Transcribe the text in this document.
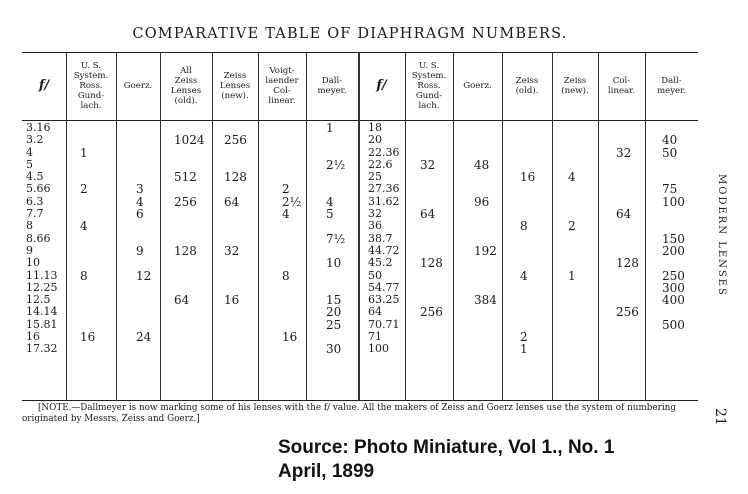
COMPARATIVE TABLE OF DIAPHRAGM NUMBERS.
f/
U. S.
System.
Ross.
Gund-
lach.
Goerz.
All
Zeiss
Lenses
(old).
Zeiss
Lenses
(new).
Voigt-
laender
Col-
linear.
Dall-
meyer.	f/
U. S.
System.
Ross.
Gund-
lach.
Goerz.	Zeiss
(old).
Zeiss
(new).
Col-
linear.
Dall-
meyer.
3.16
3.2
4
5
4.5
5.66
6.3
7.7
8
8.66
9
10
11.13
12.25
12.5
14.14
15.81
16
17.32
1
2
4
8
16
3
4
6
9
12
24
1024
512
256
128
64
256
128
64
32
16
2
2½
4
8
16
1
2½
4
5
7½
10
15
20
25
30
18
20
22.36
22.6
25
27.36
31.62
32
36
38.7
44.72
45.2
50
54.77
63.25
64
70.71
71
100
32
64
128
256
48
96
192
384
16
8
4
2
1
4
2
1
32
64
128
256
40
50
75
100
150
200
250
300
400
500
[NOTE.—Dallmeyer is now marking some of his lenses with the f/ value. All the makers of Zeiss and Goerz lenses use the system of numbering originated by Messrs. Zeiss and Goerz.]
MODERN LENSES
21
Source: Photo Miniature, Vol 1., No. 1
April, 1899
